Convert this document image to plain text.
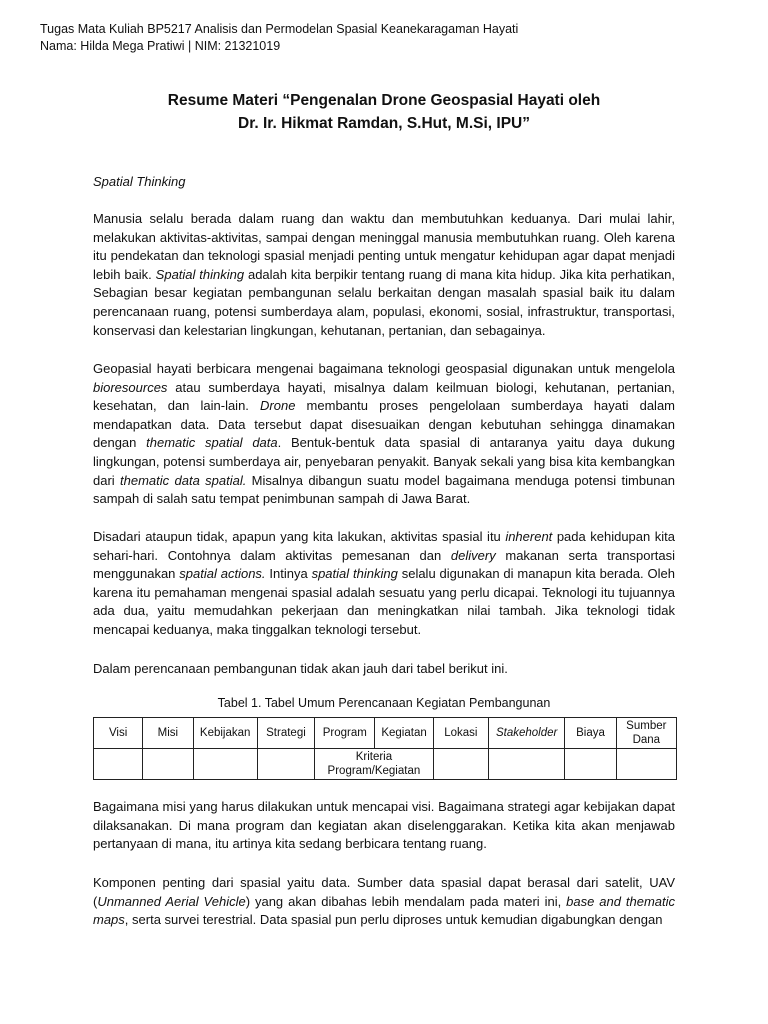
Tugas Mata Kuliah BP5217 Analisis dan Permodelan Spasial Keanekaragaman Hayati
Nama: Hilda Mega Pratiwi | NIM: 21321019
Resume Materi “Pengenalan Drone Geospasial Hayati oleh
Dr. Ir. Hikmat Ramdan, S.Hut, M.Si, IPU”
Spatial Thinking

Manusia selalu berada dalam ruang dan waktu dan membutuhkan keduanya. Dari mulai lahir, melakukan aktivitas-aktivitas, sampai dengan meninggal manusia membutuhkan ruang. Oleh karena itu pendekatan dan teknologi spasial menjadi penting untuk mengatur kehidupan agar dapat menjadi lebih baik. Spatial thinking adalah kita berpikir tentang ruang di mana kita hidup. Jika kita perhatikan, Sebagian besar kegiatan pembangunan selalu berkaitan dengan masalah spasial baik itu dalam perencanaan ruang, potensi sumberdaya alam, populasi, ekonomi, sosial, infrastruktur, transportasi, konservasi dan kelestarian lingkungan, kehutanan, pertanian, dan sebagainya.

Geopasial hayati berbicara mengenai bagaimana teknologi geospasial digunakan untuk mengelola bioresources atau sumberdaya hayati, misalnya dalam keilmuan biologi, kehutanan, pertanian, kesehatan, dan lain-lain. Drone membantu proses pengelolaan sumberdaya hayati dalam mendapatkan data. Data tersebut dapat disesuaikan dengan kebutuhan sehingga dinamakan dengan thematic spatial data. Bentuk-bentuk data spasial di antaranya yaitu daya dukung lingkungan, potensi sumberdaya air, penyebaran penyakit. Banyak sekali yang bisa kita kembangkan dari thematic data spatial. Misalnya dibangun suatu model bagaimana menduga potensi timbunan sampah di salah satu tempat penimbunan sampah di Jawa Barat.

Disadari ataupun tidak, apapun yang kita lakukan, aktivitas spasial itu inherent pada kehidupan kita sehari-hari. Contohnya dalam aktivitas pemesanan dan delivery makanan serta transportasi menggunakan spatial actions. Intinya spatial thinking selalu digunakan di manapun kita berada. Oleh karena itu pemahaman mengenai spasial adalah sesuatu yang perlu dicapai. Teknologi itu tujuannya ada dua, yaitu memudahkan pekerjaan dan meningkatkan nilai tambah. Jika teknologi tidak mencapai keduanya, maka tinggalkan teknologi tersebut.

Dalam perencanaan pembangunan tidak akan jauh dari tabel berikut ini.

Tabel 1. Tabel Umum Perencanaan Kegiatan Pembangunan
Visi	Misi	Kebijakan	Strategi	Program	Kegiatan	Lokasi	Stakeholder	Biaya	Sumber Dana
				Kriteria Program/Kegiatan					

Bagaimana misi yang harus dilakukan untuk mencapai visi. Bagaimana strategi agar kebijakan dapat dilaksanakan. Di mana program dan kegiatan akan diselenggarakan. Ketika kita akan menjawab pertanyaan di mana, itu artinya kita sedang berbicara tentang ruang.

Komponen penting dari spasial yaitu data. Sumber data spasial dapat berasal dari satelit, UAV (Unmanned Aerial Vehicle) yang akan dibahas lebih mendalam pada materi ini, base and thematic maps, serta survei terestrial. Data spasial pun perlu diproses untuk kemudian digabungkan dengan
